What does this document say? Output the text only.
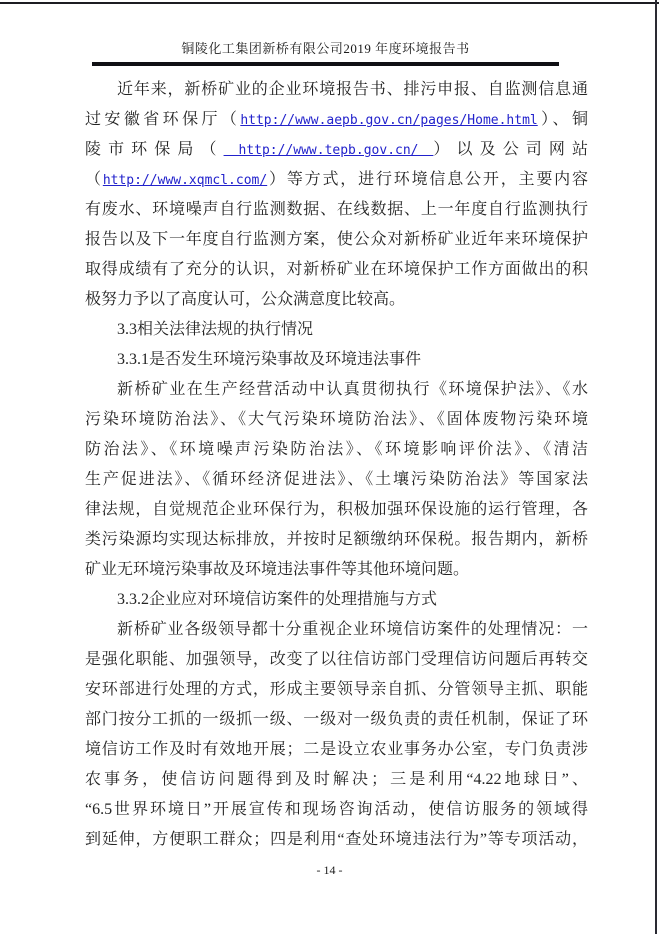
铜陵化工集团新桥有限公司2019 年度环境报告书
近年来，新桥矿业的企业环境报告书、排污申报、自监测信息通
过安徽省环保厅（http://www.aepb.gov.cn/pages/Home.html）、铜
陵市环保局（ http://www.tepb.gov.cn/ ）以及公司网站
（http://www.xqmcl.com/）等方式，进行环境信息公开，主要内容
有废水、环境噪声自行监测数据、在线数据、上一年度自行监测执行
报告以及下一年度自行监测方案，使公众对新桥矿业近年来环境保护
取得成绩有了充分的认识，对新桥矿业在环境保护工作方面做出的积
极努力予以了高度认可，公众满意度比较高。
3.3相关法律法规的执行情况
3.3.1是否发生环境污染事故及环境违法事件
新桥矿业在生产经营活动中认真贯彻执行《环境保护法》、《水
污染环境防治法》、《大气污染环境防治法》、《固体废物污染环境
防治法》、《环境噪声污染防治法》、《环境影响评价法》、《清洁
生产促进法》、《循环经济促进法》、《土壤污染防治法》等国家法
律法规，自觉规范企业环保行为，积极加强环保设施的运行管理，各
类污染源均实现达标排放，并按时足额缴纳环保税。报告期内，新桥
矿业无环境污染事故及环境违法事件等其他环境问题。
3.3.2企业应对环境信访案件的处理措施与方式
新桥矿业各级领导都十分重视企业环境信访案件的处理情况：一
是强化职能、加强领导，改变了以往信访部门受理信访问题后再转交
安环部进行处理的方式，形成主要领导亲自抓、分管领导主抓、职能
部门按分工抓的一级抓一级、一级对一级负责的责任机制，保证了环
境信访工作及时有效地开展；二是设立农业事务办公室，专门负责涉
农事务，使信访问题得到及时解决；三是利用“4.22地球日”、
“6.5世界环境日”开展宣传和现场咨询活动，使信访服务的领域得
到延伸，方便职工群众；四是利用“查处环境违法行为”等专项活动，
- 14 -
